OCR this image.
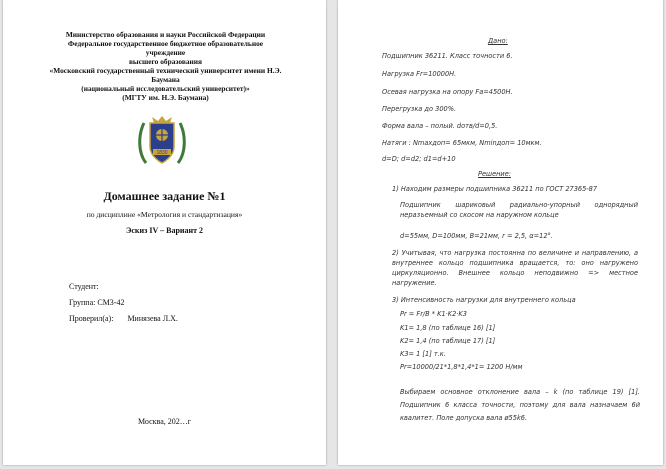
Министерство образования и науки Российской Федерации
Федеральное государственное бюджетное образовательное учреждение
высшего образования
«Московский государственный технический университет имени Н.Э.
Баумана
(национальный исследовательский университет)»
(МГТУ им. Н.Э. Баумана)
1830
Домашнее задание №1
по дисциплине «Метрология и стандартизация»
Эскиз IV – Вариант 2
Студент:
Группа: СМ3-42
Проверил(а): Минязева Л.Х.
Москва, 202…г
Дано:
Подшипник 36211. Класс точности 6.
Нагрузка Fr=10000Н.
Осевая нагрузка на опору Fa=4500Н.
Перегрузка до 300%.
Форма вала – полый. dотв/d=0,5.
Натяги : Nmaxдоп= 65мкм, Nminдоп= 10мкм.
d=D; d=d2; d1=d+10
Решение:
1) Находим размеры подшипника 36211 по ГОСТ 27365-87
Подшипник шариковый радиально-упорный однорядный неразъемный со скосом на наружном кольце
d=55мм, D=100мм, B=21мм, r = 2,5, α=12°.
2) Учитывая, что нагрузка постоянна по величине и направлению, а внутреннее кольцо подшипника вращается, то: оно нагружено циркуляционно. Внешнее кольцо неподвижно => местное нагружение.
3) Интенсивность нагрузки для внутреннего кольца
Pr = Fr/B * K1·K2·K3
K1= 1,8 (по таблице 16) [1]
K2= 1,4 (по таблице 17) [1]
K3= 1 [1] т.к.
Pr=10000/21*1,8*1,4*1= 1200 Н/мм
Выбираем основное отклонение вала – k (по таблице 19) [1]. Подшипник 6 класса точности, поэтому для вала назначаем 6й квалитет. Поле допуска вала ø55k6.
